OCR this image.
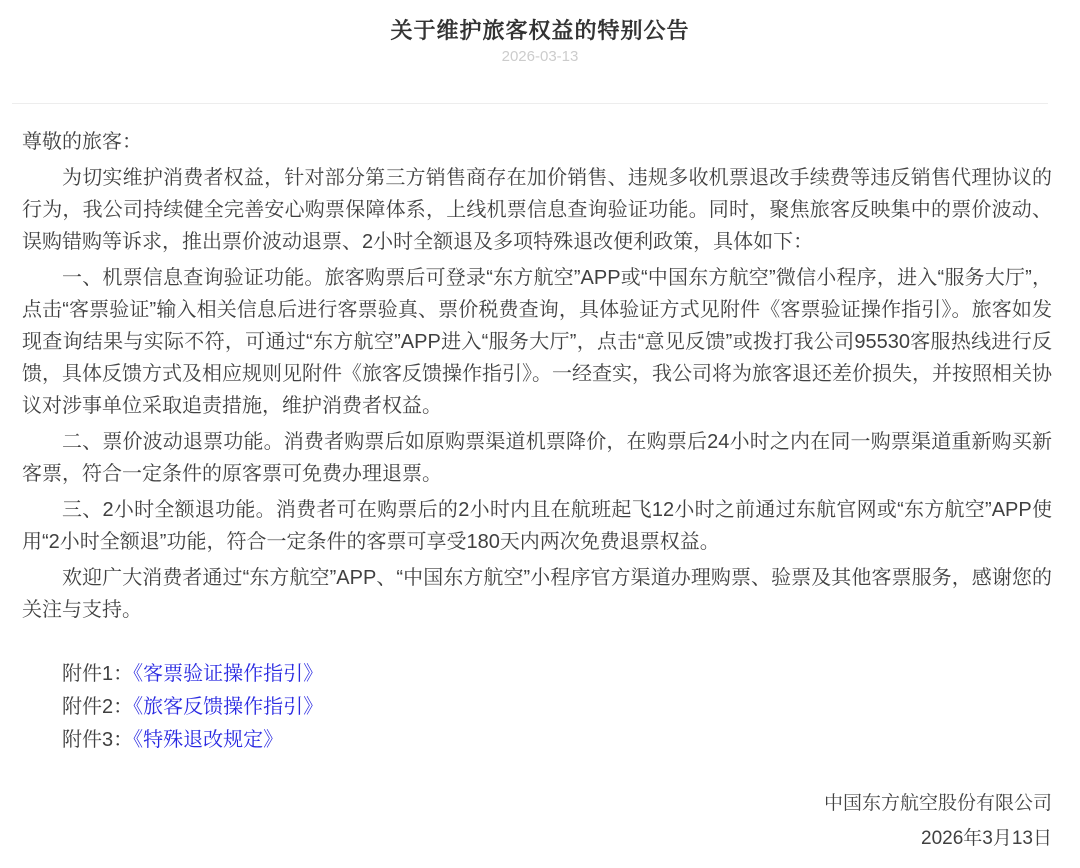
关于维护旅客权益的特别公告
2026-03-13

尊敬的旅客：

为切实维护消费者权益，针对部分第三方销售商存在加价销售、违规多收机票退改手续费等违反销售代理协议的行为，我公司持续健全完善安心购票保障体系，上线机票信息查询验证功能。同时，聚焦旅客反映集中的票价波动、误购错购等诉求，推出票价波动退票、2小时全额退及多项特殊退改便利政策，具体如下：

一、机票信息查询验证功能。旅客购票后可登录“东方航空”APP或“中国东方航空”微信小程序，进入“服务大厅”，点击“客票验证”输入相关信息后进行客票验真、票价税费查询，具体验证方式见附件《客票验证操作指引》。旅客如发现查询结果与实际不符，可通过“东方航空”APP进入“服务大厅”，点击“意见反馈”或拨打我公司95530客服热线进行反馈，具体反馈方式及相应规则见附件《旅客反馈操作指引》。一经查实，我公司将为旅客退还差价损失，并按照相关协议对涉事单位采取追责措施，维护消费者权益。

二、票价波动退票功能。消费者购票后如原购票渠道机票降价，在购票后24小时之内在同一购票渠道重新购买新客票，符合一定条件的原客票可免费办理退票。

三、2小时全额退功能。消费者可在购票后的2小时内且在航班起飞12小时之前通过东航官网或“东方航空”APP使用“2小时全额退”功能，符合一定条件的客票可享受180天内两次免费退票权益。

欢迎广大消费者通过“东方航空”APP、“中国东方航空”小程序官方渠道办理购票、验票及其他客票服务，感谢您的关注与支持。

附件1：《客票验证操作指引》
附件2：《旅客反馈操作指引》
附件3：《特殊退改规定》
中国东方航空股份有限公司
2026年3月13日
